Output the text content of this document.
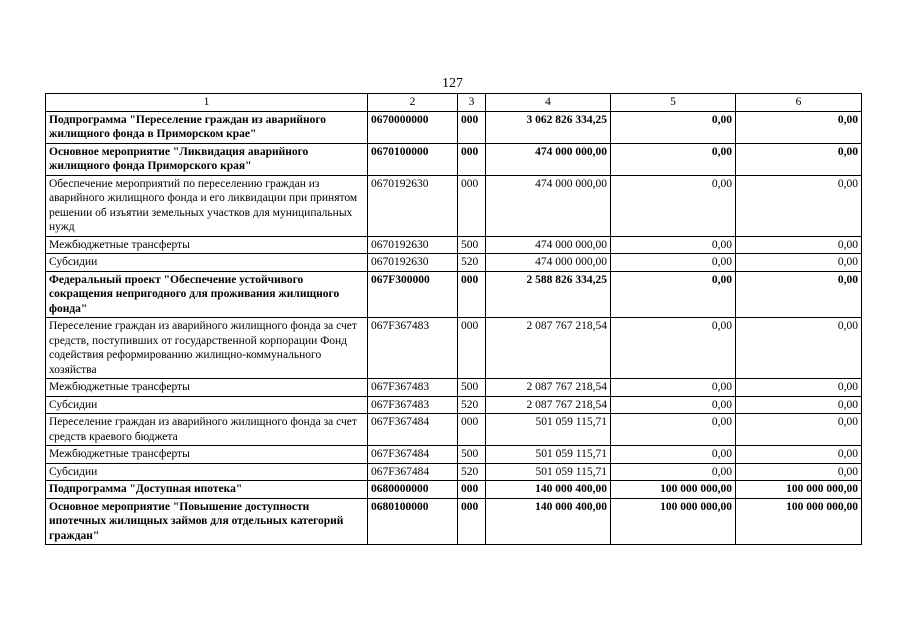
127
1	2	3	4	5	6
Подпрограмма "Переселение граждан из аварийного жилищного фонда в Приморском крае"	0670000000	000	3 062 826 334,25	0,00	0,00
Основное мероприятие "Ликвидация аварийного жилищного фонда Приморского края"	0670100000	000	474 000 000,00	0,00	0,00
Обеспечение мероприятий по переселению граждан из аварийного жилищного фонда и его ликвидации при принятом решении об изъятии земельных участков для муниципальных нужд	0670192630	000	474 000 000,00	0,00	0,00
Межбюджетные трансферты	0670192630	500	474 000 000,00	0,00	0,00
Субсидии	0670192630	520	474 000 000,00	0,00	0,00
Федеральный проект "Обеспечение устойчивого сокращения непригодного для проживания жилищного фонда"	067F300000	000	2 588 826 334,25	0,00	0,00
Переселение граждан из аварийного жилищного фонда за счет средств, поступивших от государственной корпорации Фонд содействия реформированию жилищно-коммунального хозяйства	067F367483	000	2 087 767 218,54	0,00	0,00
Межбюджетные трансферты	067F367483	500	2 087 767 218,54	0,00	0,00
Субсидии	067F367483	520	2 087 767 218,54	0,00	0,00
Переселение граждан из аварийного жилищного фонда за счет средств краевого бюджета	067F367484	000	501 059 115,71	0,00	0,00
Межбюджетные трансферты	067F367484	500	501 059 115,71	0,00	0,00
Субсидии	067F367484	520	501 059 115,71	0,00	0,00
Подпрограмма "Доступная ипотека"	0680000000	000	140 000 400,00	100 000 000,00	100 000 000,00
Основное мероприятие "Повышение доступности ипотечных жилищных займов для отдельных категорий граждан"	0680100000	000	140 000 400,00	100 000 000,00	100 000 000,00
